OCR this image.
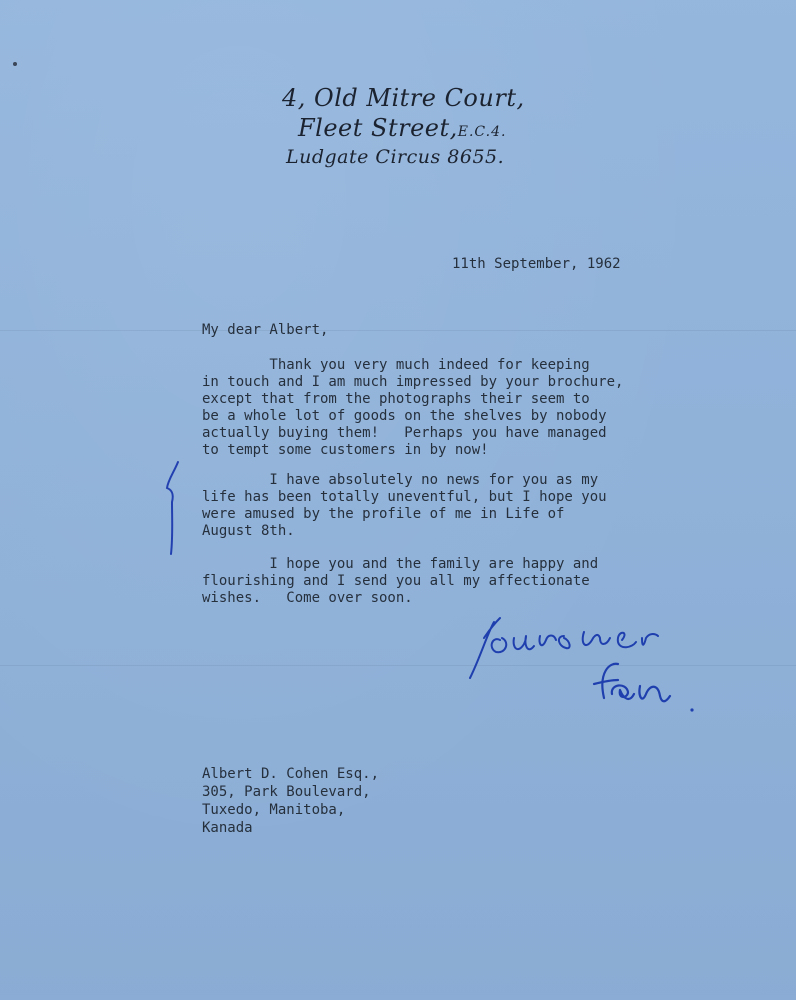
4, Old Mitre Court,
Fleet Street,E.C.4.
Ludgate Circus 8655.
11th September, 1962
My dear Albert,
Thank you very much indeed for keeping
in touch and I am much impressed by your brochure,
except that from the photographs their seem to
be a whole lot of goods on the shelves by nobody
actually buying them!   Perhaps you have managed
to tempt some customers in by now!
I have absolutely no news for you as my
life has been totally uneventful, but I hope you
were amused by the profile of me in Life of
August 8th.
I hope you and the family are happy and
flourishing and I send you all my affectionate
wishes.   Come over soon.
Albert D. Cohen Esq.,
305, Park Boulevard,
Tuxedo, Manitoba,
Kanada
